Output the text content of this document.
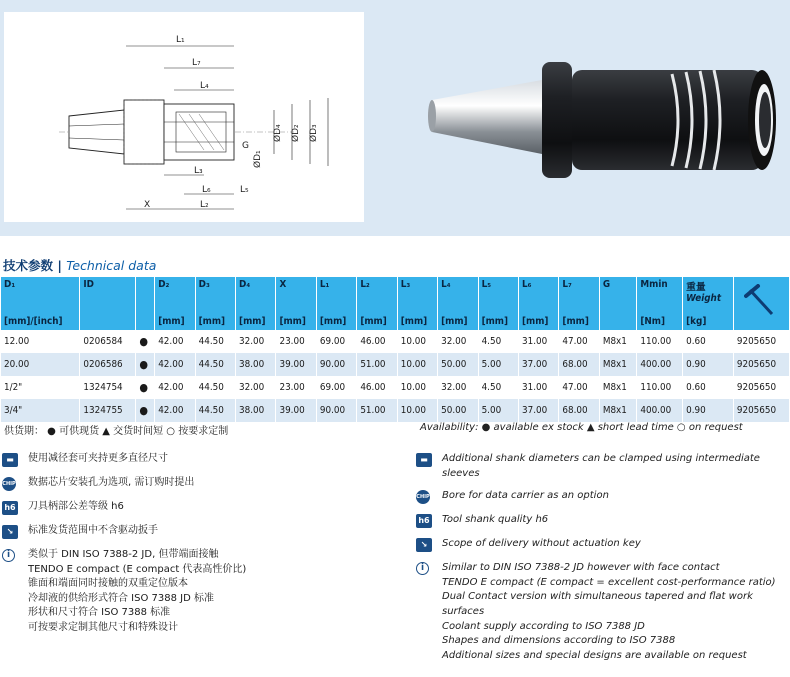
L₁
L₇
L₄
L₃
L₆	L₅
X	L₂
G
ØD₁
ØD₄ ØD₂ ØD₃
技术参数 | Technical data
D₁	ID		D₂	D₃	D₄	X	L₁	L₂	L₃	L₄	L₅	L₆	L₇	G	Mmin	重量
Weight	
[mm]/[inch]			[mm]	[mm]	[mm]	[mm]	[mm]	[mm]	[mm]	[mm]	[mm]	[mm]	[mm]		[Nm]	[kg]	
12.00	0206584	●	42.00	44.50	32.00	23.00	69.00	46.00	10.00	32.00	4.50	31.00	47.00	M8x1	110.00	0.60	9205650
20.00	0206586	●	42.00	44.50	38.00	39.00	90.00	51.00	10.00	50.00	5.00	37.00	68.00	M8x1	400.00	0.90	9205650
1/2"	1324754	●	42.00	44.50	32.00	23.00	69.00	46.00	10.00	32.00	4.50	31.00	47.00	M8x1	110.00	0.60	9205650
3/4"	1324755	●	42.00	44.50	38.00	39.00	90.00	51.00	10.00	50.00	5.00	37.00	68.00	M8x1	400.00	0.90	9205650
供货期： ● 可供现货 ▲ 交货时间短 ○ 按要求定制	Availability: ● available ex stock ▲ short lead time ○ on request
▬	使用减径套可夹持更多直径尺寸
CHIP 数据芯片安装孔为选项, 需订购时提出
h6 刀具柄部公差等级 h6
↘	标准发货范围中不含驱动扳手
i	类似于 DIN ISO 7388-2 JD, 但带端面接触
TENDO E compact (E compact 代表高性价比)
锥面和端面同时接触的双重定位版本
冷却液的供给形式符合 ISO 7388 JD 标准
形状和尺寸符合 ISO 7388 标准
可按要求定制其他尺寸和特殊设计
▬	Additional shank diameters can be clamped using intermediate
sleeves
CHIP Bore for data carrier as an option
h6 Tool shank quality h6
↘	Scope of delivery without actuation key
i	Similar to DIN ISO 7388-2 JD however with face contact
TENDO E compact (E compact = excellent cost-performance ratio)
Dual Contact version with simultaneous tapered and flat work
surfaces
Coolant supply according to ISO 7388 JD
Shapes and dimensions according to ISO 7388
Additional sizes and special designs are available on request
